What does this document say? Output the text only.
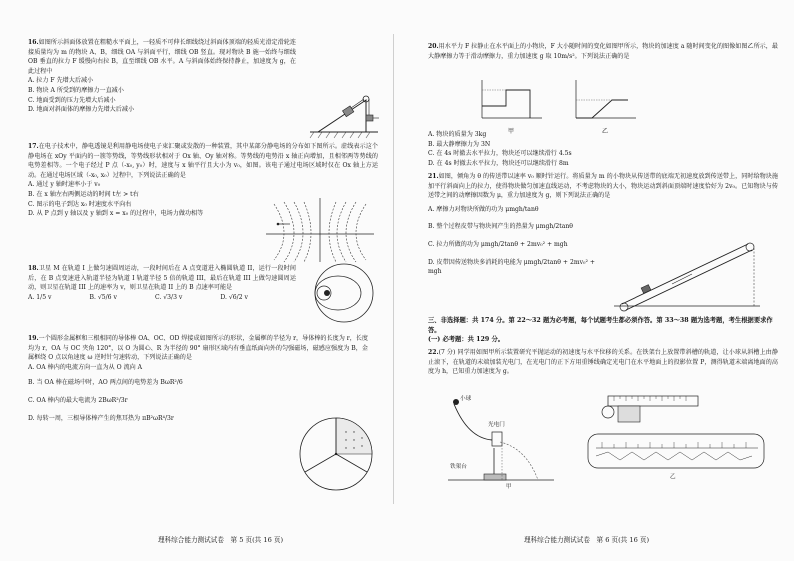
16.如图所示斜面体放置在粗糙水平面上，一轻质不可伸长细线绕过斜面体顶端的轻质光滑定滑轮连接质量均为 m 的物块 A、B，细线 OA 与斜面平行，细线 OB 竖直。现对物块 B 施一始终与细线 OB 垂直的拉力 F 缓慢向右拉 B，直至细线 OB 水平。A 与斜面体始终保持静止，加速度为 g，在此过程中
A. 拉力 F 先增大后减小
B. 物块 A 所受到的摩擦力一直减小
C. 地面受到的压力先增大后减小
D. 地面对斜面体的摩擦力先增大后减小
17.在电子技术中，静电透镜是利用静电场使电子束汇聚或发散的一种装置，其中某部分静电场的分布如下图所示。虚线表示这个静电场在 xOy 平面内的一簇等势线，等势线形状相对于 Ox 轴、Oy 轴对称。等势线的电势沿 x 轴正向增加，且相邻两等势线的电势差相等。一个电子经过 P 点（-x₀, y₀）时，速度与 x 轴平行且大小为 v₀，如图。该电子通过电场区域时仅在 Ox 轴上方运动。在通过电场区域（-x₀, x₀）过程中，下列说法正确的是
A. 通过 y 轴时速率小于 v₀
B. 在 x 轴左右两侧运动的时间 t左 > t右
C. 图示的电子到达 x₀ 时速度水平向右
D. 从 P 点到 y 轴以及 y 轴到 x = x₀ 的过程中，电场力做功相等
18.卫星 M 在轨道 I 上做匀速圆周运动，一段时间后在 A 点变道进入椭圆轨道 II，运行一段时间后，在 B 点变速进入轨道半径为轨道 I 轨道半径 5 倍的轨道 III，最后在轨道 III 上做匀速圆周运动，则卫星在轨道 III 上的速率为 v，则卫星在轨道 II 上的 B 点速率可能是
A. 1/5 v	B. √5/6 v	C. √3/3 v	D. √6/2 v
19.一个圆形金属框和三根相同的导体棒 OA、OC、OD 焊接成如图所示的形状，金属框的半径为 r，导体棒的长度为 r，长度均为 r，OA 与 OC 夹角 120°，以 O 为圆心、R 为半径的 90° 扇形区域内有垂直纸面向外的匀强磁场，磁感应强度为 B，金属框绕 O 点以角速度 ω 逆时针匀速转动，下列说法正确的是
A. OA 棒内的电流方向一直为从 O 流向 A
B. 当 OA 棒在磁场中时，AO 两点间的电势差为 BωR²/6
C. OA 棒内的最大电流为 2BωR²/3r
D. 每转一周，三根导体棒产生的焦耳热为 πB²ωR⁴/3r
理科综合能力测试试卷　第 5 页(共 16 页)
20.用水平力 F 拉静止在水平面上的小物块，F 大小随时间的变化如图甲所示，物块的加速度 a 随时间变化的图像如图乙所示，最大静摩擦力等于滑动摩擦力，重力加速度 g 取 10m/s²。下列说法正确的是
甲	乙
A. 物块的质量为 3kg
B. 最大静摩擦力为 3N
C. 在 4s 时撤去水平拉力，物块还可以继续滑行 4.5s
D. 在 4s 时撤去水平拉力，物块还可以继续滑行 8m
21.如图，倾角为 θ 的传送带以速率 v₀ 顺时针运行。将质量为 m 的小物块从传送带的底端无初速度放到传送带上，同时给物块施加平行斜面向上的拉力，使得物块做匀加速直线运动，不考虑物块的大小，物块运动到斜面顶端时速度恰好为 2v₀。已知物块与传送带之间的动摩擦因数为 μ，重力加速度为 g，则下列说法正确的是
A. 摩擦力对物块所做的功为 μmgh/tanθ
B. 整个过程皮带与物块间产生的热量为 μmgh/2tanθ
C. 拉力所做的功为 μmgh/2tanθ + 2mv₀² + mgh
D. 皮带因传送物块多消耗的电能为 μmgh/2tanθ + 2mv₀² + mgh
三、非选择题：共 174 分。第 22～32 题为必考题，每个试题考生都必须作答。第 33～38 题为选考题，考生根据要求作答。
(一) 必考题：共 129 分。
22.(7 分) 同学用如图甲所示装置研究平抛运动的初速度与水平位移的关系。在铁架台上放置带斜槽的轨道，让小球从斜槽上由静止滚下，在轨道的末端加装光电门，在光电门的正下方用重锤线确定光电门在水平地面上的投影位置 P，测得轨道末端离地面的高度为 h，已知重力加速度为 g。
小球
光电门
铁架台
甲
乙
理科综合能力测试试卷　第 6 页(共 16 页)
